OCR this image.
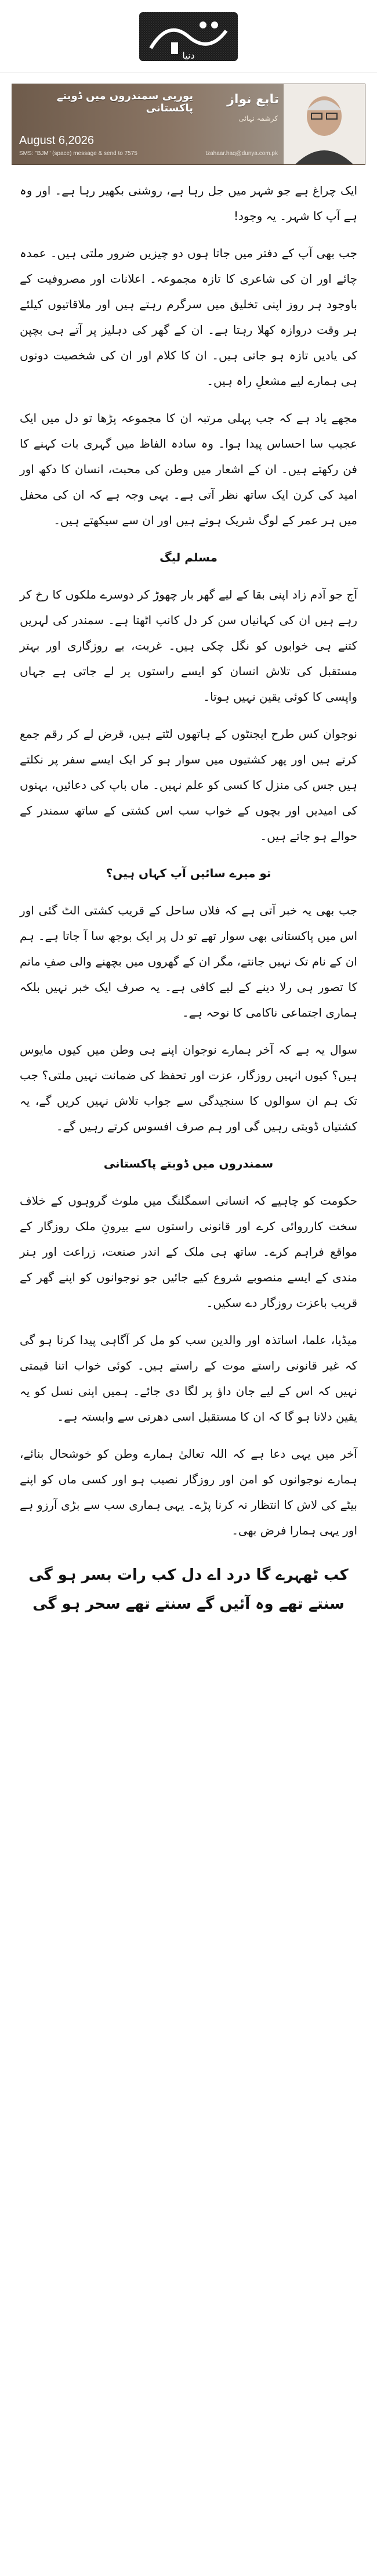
دنیا
تابع نواز
کرشمہ نہائی
یورپی سمندروں میں ڈوبتے پاکستانی
August 6,2026
SMS: "BJM" (space) message & send to 7575	tzahaar.haq@dunya.com.pk

ایک چراغ ہے جو شہر میں جل رہا ہے، روشنی بکھیر رہا ہے۔ اور وہ ہے آپ کا شہر۔ یہ وجود!

جب بھی آپ کے دفتر میں جاتا ہوں دو چیزیں ضرور ملتی ہیں۔ عمدہ چائے اور ان کی شاعری کا تازہ مجموعہ۔ اعلانات اور مصروفیت کے باوجود ہر روز اپنی تخلیق میں سرگرم رہتے ہیں اور ملاقاتیوں کیلئے ہر وقت دروازہ کھلا رہتا ہے۔ ان کے گھر کی دہلیز پر آتے ہی بچپن کی یادیں تازہ ہو جاتی ہیں۔ ان کا کلام اور ان کی شخصیت دونوں ہی ہمارے لیے مشعلِ راہ ہیں۔

مجھے یاد ہے کہ جب پہلی مرتبہ ان کا مجموعہ پڑھا تو دل میں ایک عجیب سا احساس پیدا ہوا۔ وہ سادہ الفاظ میں گہری بات کہنے کا فن رکھتے ہیں۔ ان کے اشعار میں وطن کی محبت، انسان کا دکھ اور امید کی کرن ایک ساتھ نظر آتی ہے۔ یہی وجہ ہے کہ ان کی محفل میں ہر عمر کے لوگ شریک ہوتے ہیں اور ان سے سیکھتے ہیں۔

مسلم لیگ

آج جو آدم زاد اپنی بقا کے لیے گھر بار چھوڑ کر دوسرے ملکوں کا رخ کر رہے ہیں ان کی کہانیاں سن کر دل کانپ اٹھتا ہے۔ سمندر کی لہریں کتنے ہی خوابوں کو نگل چکی ہیں۔ غربت، بے روزگاری اور بہتر مستقبل کی تلاش انسان کو ایسے راستوں پر لے جاتی ہے جہاں واپسی کا کوئی یقین نہیں ہوتا۔

نوجوان کس طرح ایجنٹوں کے ہاتھوں لٹتے ہیں، قرض لے کر رقم جمع کرتے ہیں اور پھر کشتیوں میں سوار ہو کر ایک ایسے سفر پر نکلتے ہیں جس کی منزل کا کسی کو علم نہیں۔ ماں باپ کی دعائیں، بہنوں کی امیدیں اور بچوں کے خواب سب اس کشتی کے ساتھ سمندر کے حوالے ہو جاتے ہیں۔

تو میرے سائیں آپ کہاں ہیں؟

جب بھی یہ خبر آتی ہے کہ فلاں ساحل کے قریب کشتی الٹ گئی اور اس میں پاکستانی بھی سوار تھے تو دل پر ایک بوجھ سا آ جاتا ہے۔ ہم ان کے نام تک نہیں جانتے، مگر ان کے گھروں میں بچھنے والی صفِ ماتم کا تصور ہی رلا دینے کے لیے کافی ہے۔ یہ صرف ایک خبر نہیں بلکہ ہماری اجتماعی ناکامی کا نوحہ ہے۔

سوال یہ ہے کہ آخر ہمارے نوجوان اپنے ہی وطن میں کیوں مایوس ہیں؟ کیوں انہیں روزگار، عزت اور تحفظ کی ضمانت نہیں ملتی؟ جب تک ہم ان سوالوں کا سنجیدگی سے جواب تلاش نہیں کریں گے، یہ کشتیاں ڈوبتی رہیں گی اور ہم صرف افسوس کرتے رہیں گے۔

سمندروں میں ڈوبتے پاکستانی

حکومت کو چاہیے کہ انسانی اسمگلنگ میں ملوث گروہوں کے خلاف سخت کارروائی کرے اور قانونی راستوں سے بیرونِ ملک روزگار کے مواقع فراہم کرے۔ ساتھ ہی ملک کے اندر صنعت، زراعت اور ہنر مندی کے ایسے منصوبے شروع کیے جائیں جو نوجوانوں کو اپنے گھر کے قریب باعزت روزگار دے سکیں۔

میڈیا، علما، اساتذہ اور والدین سب کو مل کر آگاہی پیدا کرنا ہو گی کہ غیر قانونی راستے موت کے راستے ہیں۔ کوئی خواب اتنا قیمتی نہیں کہ اس کے لیے جان داؤ پر لگا دی جائے۔ ہمیں اپنی نسل کو یہ یقین دلانا ہو گا کہ ان کا مستقبل اسی دھرتی سے وابستہ ہے۔

آخر میں یہی دعا ہے کہ اللہ تعالیٰ ہمارے وطن کو خوشحال بنائے، ہمارے نوجوانوں کو امن اور روزگار نصیب ہو اور کسی ماں کو اپنے بیٹے کی لاش کا انتظار نہ کرنا پڑے۔ یہی ہماری سب سے بڑی آرزو ہے اور یہی ہمارا فرض بھی۔

کب ٹھہرے گا درد اے دل کب رات بسر ہو گی
سنتے تھے وہ آئیں گے سنتے تھے سحر ہو گی
